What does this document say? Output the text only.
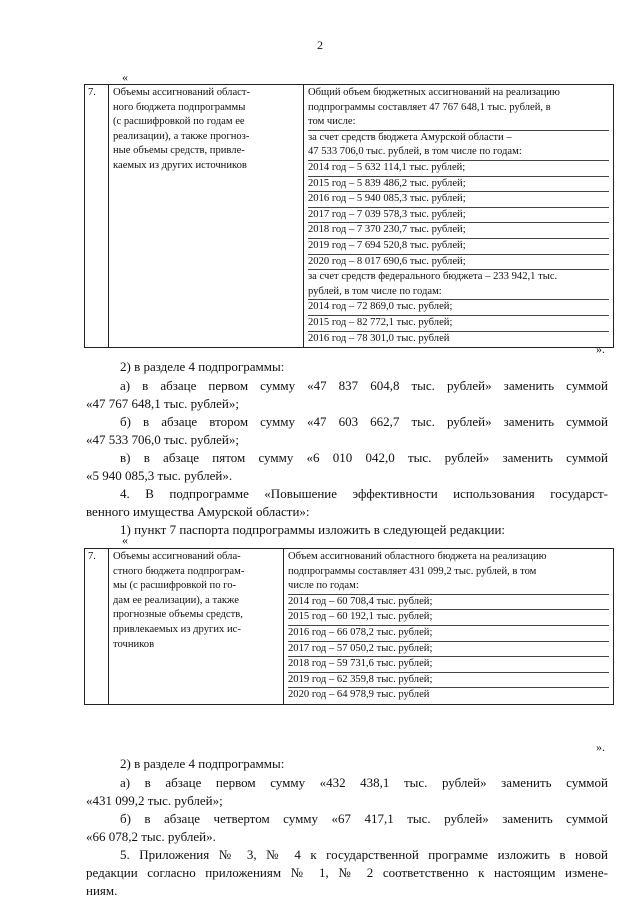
2
«
7.	Объемы ассигнований област-
ного бюджета подпрограммы
(с расшифровкой по годам ее
реализации), а также прогноз-
ные объемы средств, привле-
каемых из других источников

Общий объем бюджетных ассигнований на реализацию
подпрограммы составляет 47 767 648,1 тыс. рублей, в
том числе:
за счет средств бюджета Амурской области –
47 533 706,0 тыс. рублей, в том числе по годам:
2014 год – 5 632 114,1 тыс. рублей;
2015 год – 5 839 486,2 тыс. рублей;
2016 год – 5 940 085,3 тыс. рублей;
2017 год – 7 039 578,3 тыс. рублей;
2018 год – 7 370 230,7 тыс. рублей;
2019 год – 7 694 520,8 тыс. рублей;
2020 год – 8 017 690,6 тыс. рублей;
за счет средств федерального бюджета – 233 942,1 тыс.
рублей, в том числе по годам:
2014 год – 72 869,0 тыс. рублей;
2015 год – 82 772,1 тыс. рублей;
2016 год – 78 301,0 тыс. рублей
».
2) в разделе 4 подпрограммы:
а) в абзаце первом сумму «47 837 604,8 тыс. рублей» заменить суммой
«47 767 648,1 тыс. рублей»;
б) в абзаце втором сумму «47 603 662,7 тыс. рублей» заменить суммой
«47 533 706,0 тыс. рублей»;
в) в абзаце пятом сумму «6 010 042,0 тыс. рублей» заменить суммой
«5 940 085,3 тыс. рублей».
4. В подпрограмме «Повышение эффективности использования государст-
венного имущества Амурской области»:
1) пункт 7 паспорта подпрограммы изложить в следующей редакции:
«
7.	Объемы ассигнований обла-
стного бюджета подпрограм-
мы (с расшифровкой по го-
дам ее реализации), а также
прогнозные объемы средств,
привлекаемых из других ис-
точников

Объем ассигнований областного бюджета на реализацию
подпрограммы составляет 431 099,2 тыс. рублей, в том
числе по годам:
2014 год – 60 708,4 тыс. рублей;
2015 год – 60 192,1 тыс. рублей;
2016 год – 66 078,2 тыс. рублей;
2017 год – 57 050,2 тыс. рублей;
2018 год – 59 731,6 тыс. рублей;
2019 год – 62 359,8 тыс. рублей;
2020 год – 64 978,9 тыс. рублей
».
2) в разделе 4 подпрограммы:
а) в абзаце первом сумму «432 438,1 тыс. рублей» заменить суммой
«431 099,2 тыс. рублей»;
б) в абзаце четвертом сумму «67 417,1 тыс. рублей» заменить суммой
«66 078,2 тыс. рублей».
5. Приложения № 3, № 4 к государственной программе изложить в новой
редакции согласно приложениям № 1, № 2 соответственно к настоящим измене-
ниям.
